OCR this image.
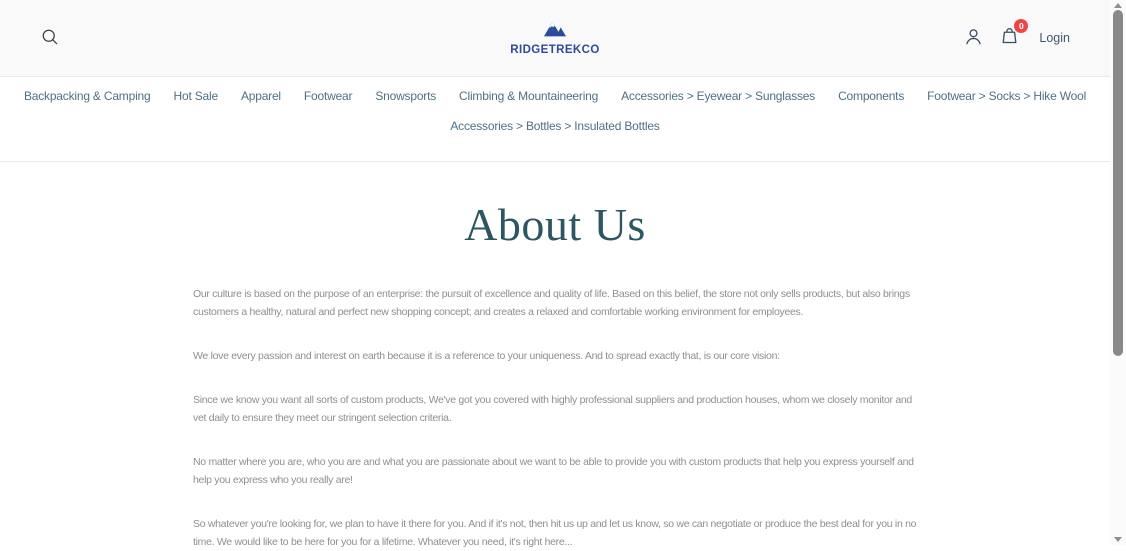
RIDGETREKCO
0
Login
Backpacking & Camping Hot Sale Apparel Footwear Snowsports Climbing & Mountaineering Accessories > Eyewear > Sunglasses Components Footwear > Socks > Hike Wool
Accessories > Bottles > Insulated Bottles
About Us

Our culture is based on the purpose of an enterprise: the pursuit of excellence and quality of life. Based on this belief, the store not only sells products, but also brings customers a healthy, natural and perfect new shopping concept; and creates a relaxed and comfortable working environment for employees.

We love every passion and interest on earth because it is a reference to your uniqueness. And to spread exactly that, is our core vision:

Since we know you want all sorts of custom products, We've got you covered with highly professional suppliers and production houses, whom we closely monitor and vet daily to ensure they meet our stringent selection criteria.

No matter where you are, who you are and what you are passionate about we want to be able to provide you with custom products that help you express yourself and help you express who you really are!

So whatever you're looking for, we plan to have it there for you. And if it's not, then hit us up and let us know, so we can negotiate or produce the best deal for you in no time. We would like to be here for you for a lifetime. Whatever you need, it's right here...
